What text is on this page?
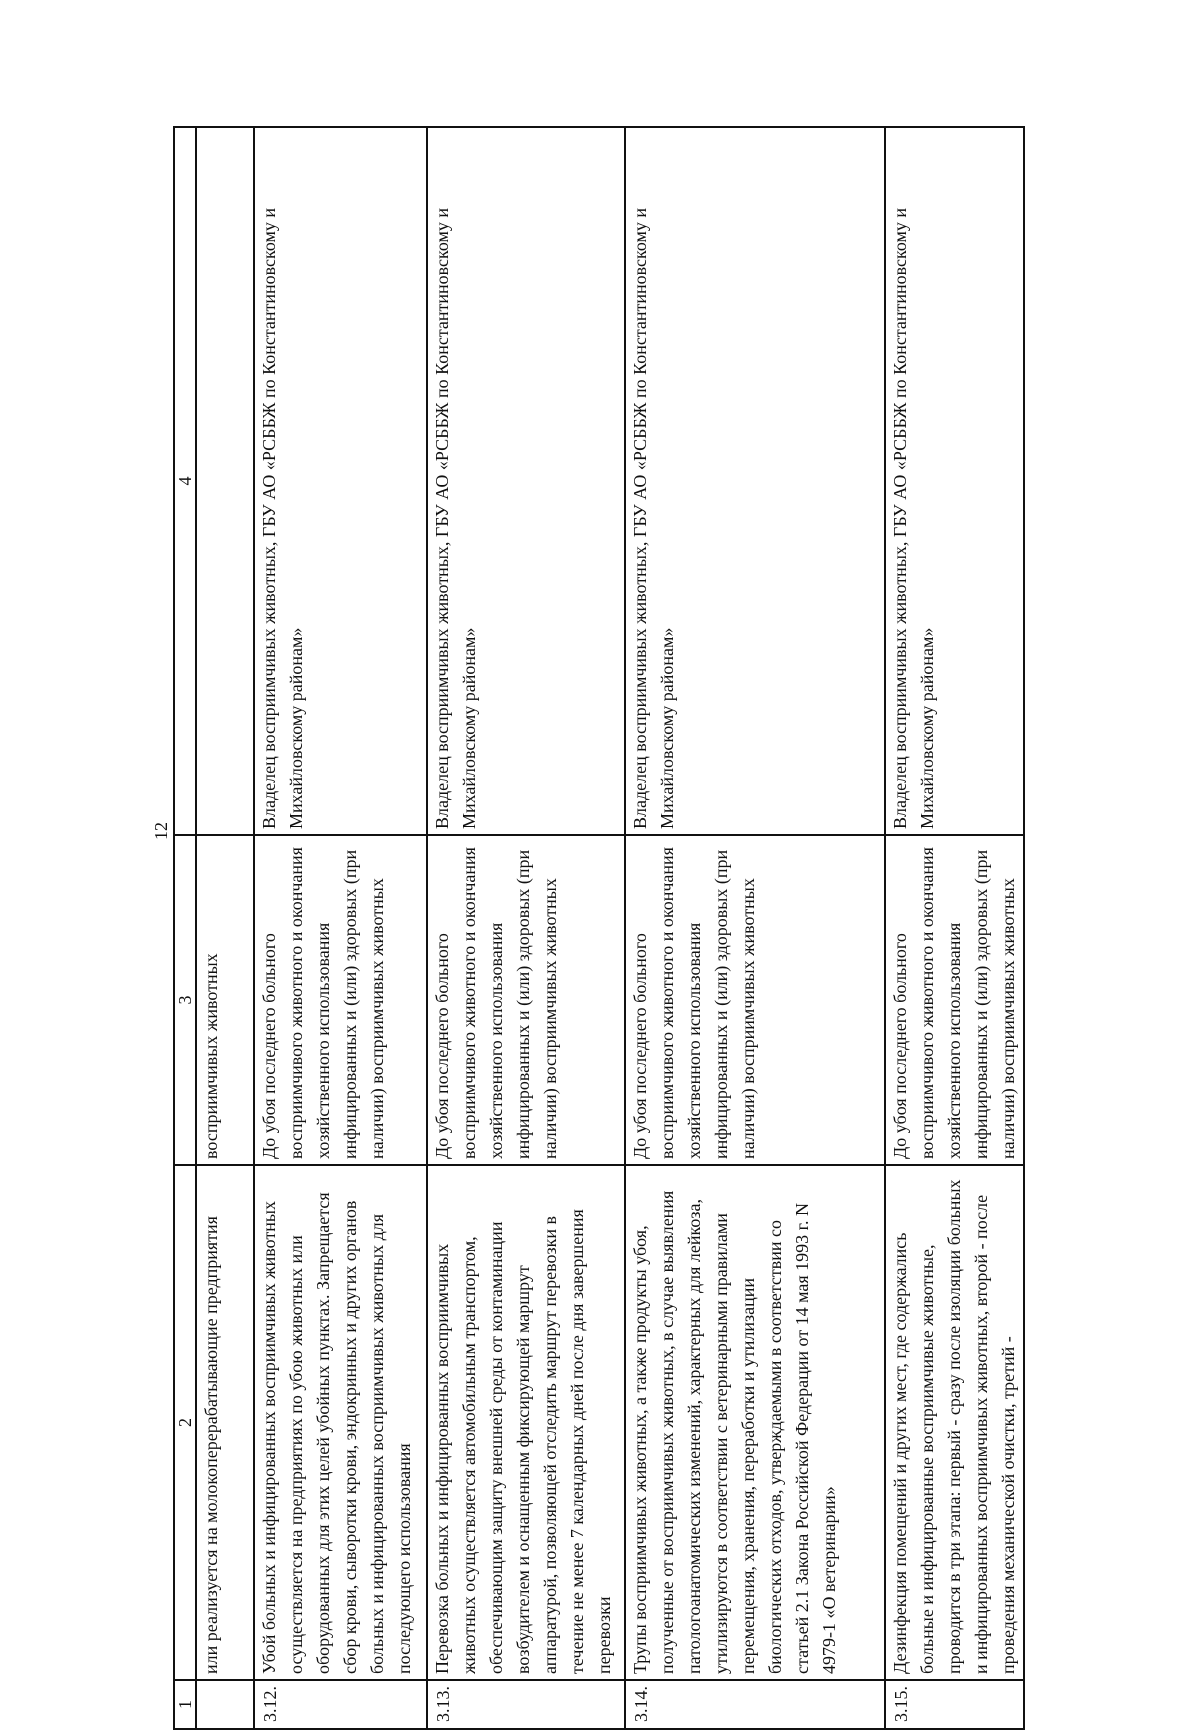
12
1	2	3	4

	или реализуется на молокоперерабатывающие предприятия	восприимчивых животных	

3.12.	Убой больных и инфицированных восприимчивых животных осуществляется на предприятиях по убою животных или оборудованных для этих целей убойных пунктах. Запрещается сбор крови, сыворотки крови, эндокринных и других органов больных и инфицированных восприимчивых животных для последующего использования	До убоя последнего больного восприимчивого животного и окончания хозяйственного использования инфицированных и (или) здоровых (при наличии) восприимчивых животных	Владелец восприимчивых животных, ГБУ АО «РСББЖ по Константиновскому и Михайловскому районам»

3.13.	Перевозка больных и инфицированных восприимчивых животных осуществляется автомобильным транспортом, обеспечивающим защиту внешней среды от контаминации возбудителем и оснащенным фиксирующей маршрут аппаратурой, позволяющей отследить маршрут перевозки в течение не менее 7 календарных дней после дня завершения перевозки	До убоя последнего больного восприимчивого животного и окончания хозяйственного использования инфицированных и (или) здоровых (при наличии) восприимчивых животных	Владелец восприимчивых животных, ГБУ АО «РСББЖ по Константиновскому и Михайловскому районам»

3.14.	Трупы восприимчивых животных, а также продукты убоя, полученные от восприимчивых животных, в случае выявления патологоанатомических изменений, характерных для лейкоза, утилизируются в соответствии с ветеринарными правилами перемещения, хранения, переработки и утилизации биологических отходов, утверждаемыми в соответствии со статьей 2.1 Закона Российской Федерации от 14 мая 1993 г. N 4979-1 «О ветеринарии»	До убоя последнего больного восприимчивого животного и окончания хозяйственного использования инфицированных и (или) здоровых (при наличии) восприимчивых животных	Владелец восприимчивых животных, ГБУ АО «РСББЖ по Константиновскому и Михайловскому районам»

3.15.	Дезинфекция помещений и других мест, где содержались больные и инфицированные восприимчивые животные, проводится в три этапа: первый - сразу после изоляции больных и инфицированных восприимчивых животных, второй - после проведения механической очистки, третий -	До убоя последнего больного восприимчивого животного и окончания хозяйственного использования инфицированных и (или) здоровых (при наличии) восприимчивых животных	Владелец восприимчивых животных, ГБУ АО «РСББЖ по Константиновскому и Михайловскому районам»
